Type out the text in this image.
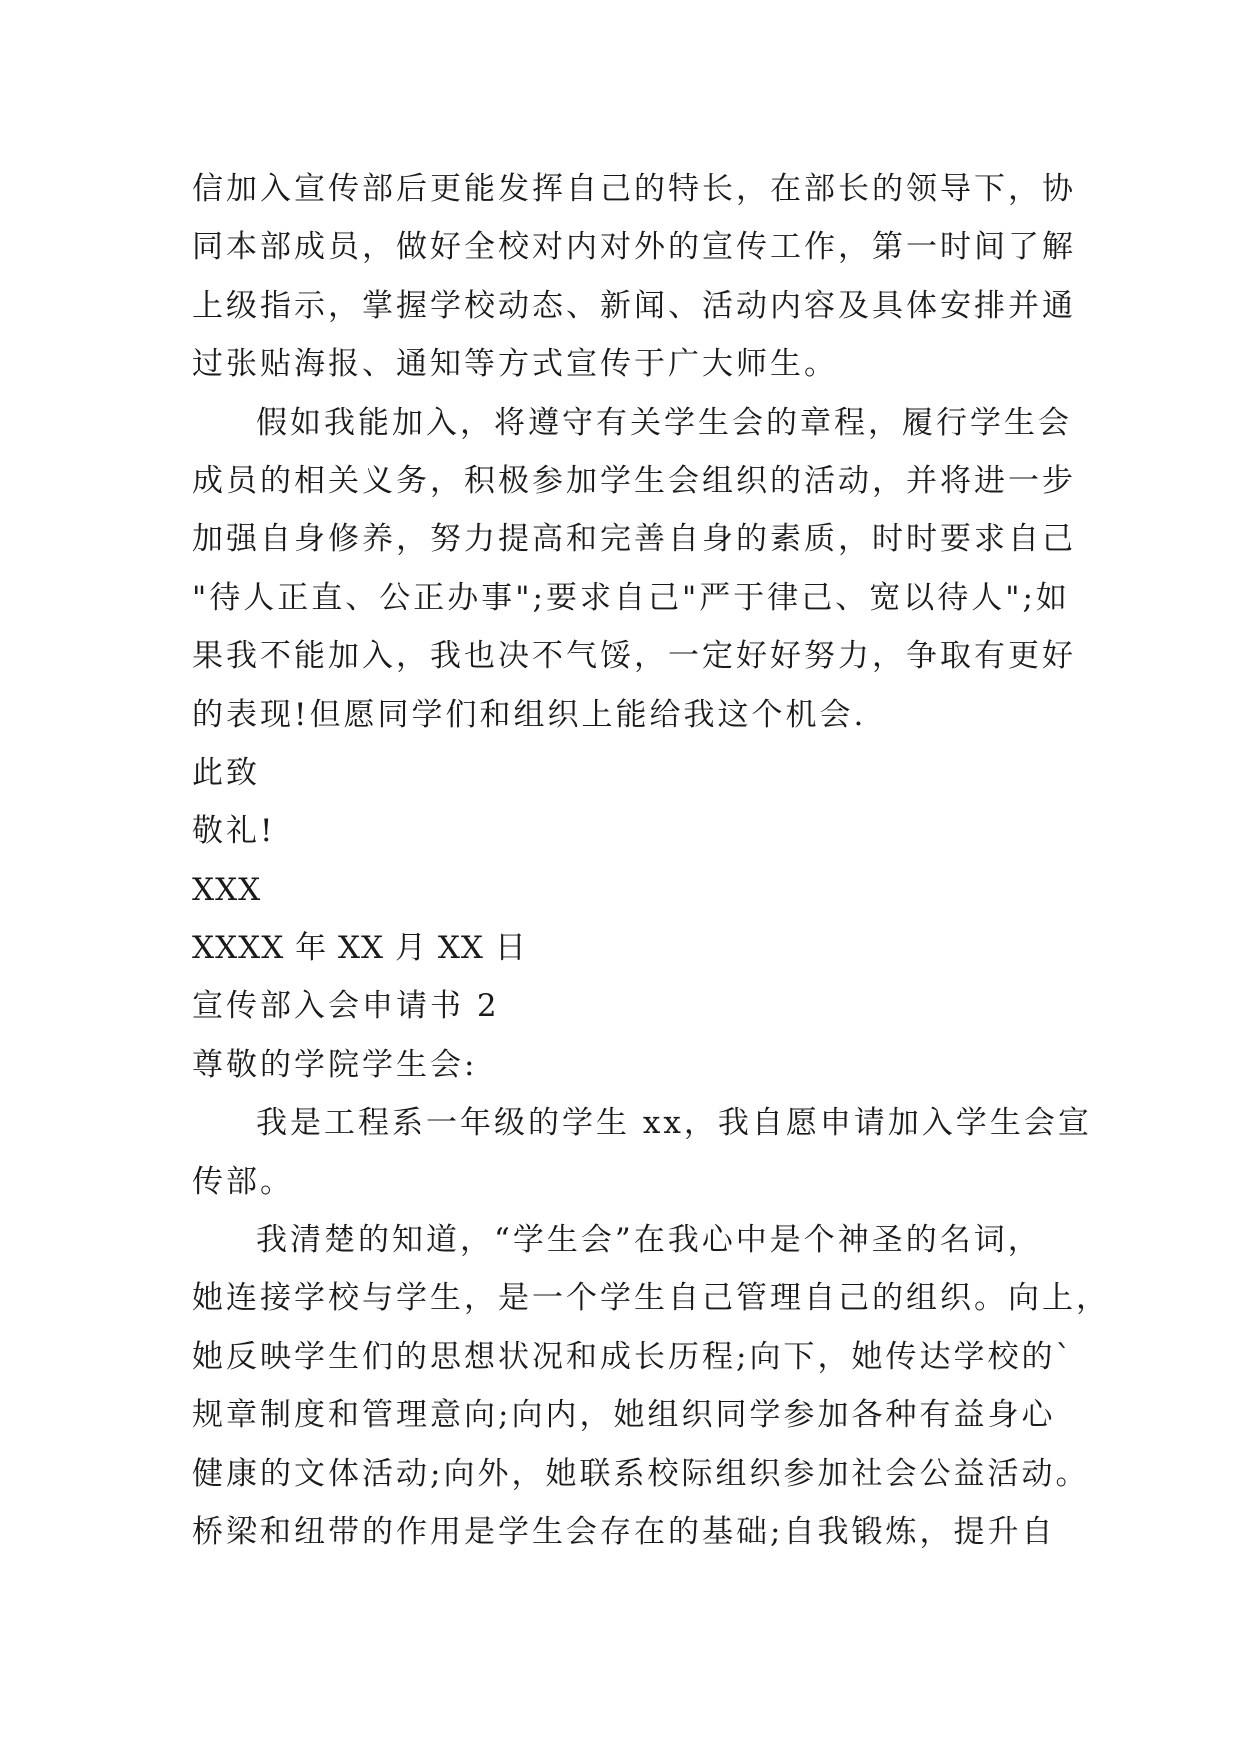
信加入宣传部后更能发挥自己的特长，在部长的领导下，协
同本部成员，做好全校对内对外的宣传工作，第一时间了解
上级指示，掌握学校动态、新闻、活动内容及具体安排并通
过张贴海报、通知等方式宣传于广大师生。
假如我能加入，将遵守有关学生会的章程，履行学生会
成员的相关义务，积极参加学生会组织的活动，并将进一步
加强自身修养，努力提高和完善自身的素质，时时要求自己
"待人正直、公正办事";要求自己"严于律己、宽以待人";如
果我不能加入，我也决不气馁，一定好好努力，争取有更好
的表现!但愿同学们和组织上能给我这个机会.
此致
敬礼!
XXX
XXXX 年 XX 月 XX 日
宣传部入会申请书 2
尊敬的学院学生会:
我是工程系一年级的学生 xx，我自愿申请加入学生会宣
传部。
我清楚的知道，“学生会”在我心中是个神圣的名词，
她连接学校与学生，是一个学生自己管理自己的组织。向上，
她反映学生们的思想状况和成长历程;向下，她传达学校的`
规章制度和管理意向;向内，她组织同学参加各种有益身心
健康的文体活动;向外，她联系校际组织参加社会公益活动。
桥梁和纽带的作用是学生会存在的基础;自我锻炼，提升自
